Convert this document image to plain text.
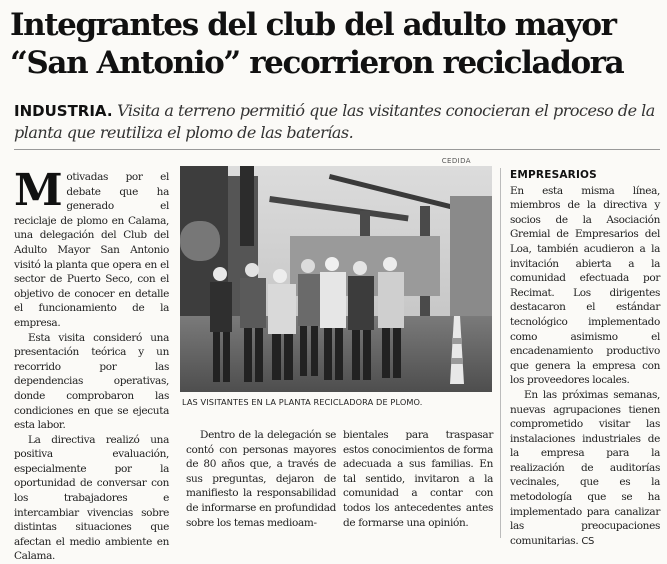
Integrantes del club del adulto mayor
“San Antonio” recorrieron recicladora
INDUSTRIA. Visita a terreno permitió que las visitantes conocieran el proceso de la planta que reutiliza el plomo de las baterías.

Motivadas por el debate que ha generado el reciclaje de plomo en Calama, una delegación del Club del Adulto Mayor San Antonio visitó la planta que opera en el sector de Puerto Seco, con el objetivo de conocer en detalle el funcionamiento de la empresa.

Esta visita consideró una presentación teórica y un recorrido por las dependencias operativas, donde comprobaron las condiciones en que se ejecuta esta labor.

La directiva realizó una positiva evaluación, especialmente por la oportunidad de conversar con los trabajadores e intercambiar vivencias sobre distintas situaciones que afectan el medio ambiente en Calama.

CEDIDA
LAS VISITANTES EN LA PLANTA RECICLADORA DE PLOMO.

Dentro de la delegación se contó con personas mayores de 80 años que, a través de sus preguntas, dejaron de manifiesto la responsabilidad de informarse en profundidad sobre los temas medioam-

bientales para traspasar estos conocimientos de forma adecuada a sus familias. En tal sentido, invitaron a la comunidad a contar con todos los antecedentes antes de formarse una opinión.

EMPRESARIOS

En esta misma línea, miembros de la directiva y socios de la Asociación Gremial de Empresarios del Loa, también acudieron a la invitación abierta a la comunidad efectuada por Recimat. Los dirigentes destacaron el estándar tecnológico implementado como asimismo el encadenamiento productivo que genera la empresa con los proveedores locales.

En las próximas semanas, nuevas agrupaciones tienen comprometido visitar las instalaciones industriales de la empresa para la realización de auditorías vecinales, que es la metodología que se ha implementado para canalizar las preocupaciones comunitarias. CS
